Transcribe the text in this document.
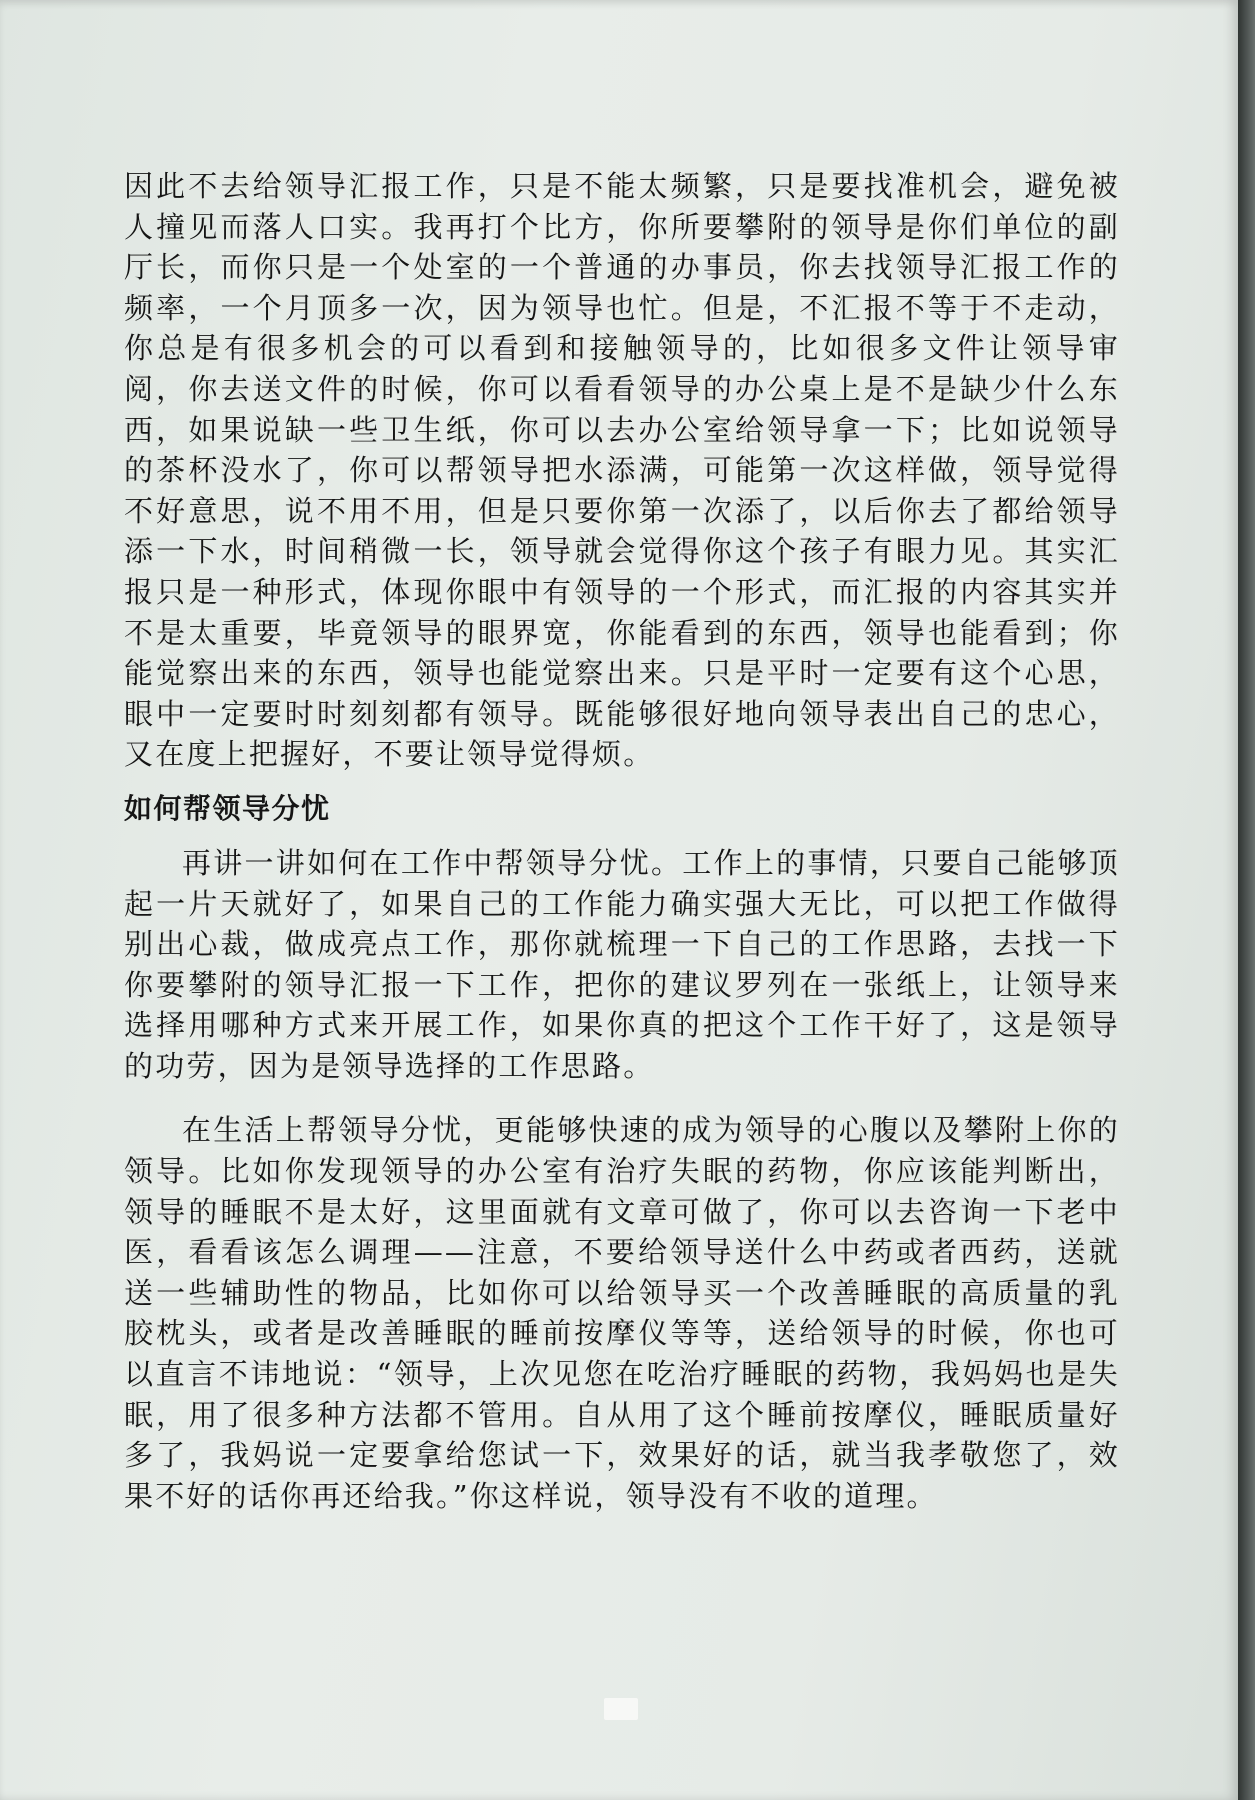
因此不去给领导汇报工作，只是不能太频繁，只是要找准机会，避免被人撞见而落人口实。我再打个比方，你所要攀附的领导是你们单位的副厅长，而你只是一个处室的一个普通的办事员，你去找领导汇报工作的频率，一个月顶多一次，因为领导也忙。但是，不汇报不等于不走动，你总是有很多机会的可以看到和接触领导的，比如很多文件让领导审阅，你去送文件的时候，你可以看看领导的办公桌上是不是缺少什么东西，如果说缺一些卫生纸，你可以去办公室给领导拿一下；比如说领导的茶杯没水了，你可以帮领导把水添满，可能第一次这样做，领导觉得不好意思，说不用不用，但是只要你第一次添了，以后你去了都给领导添一下水，时间稍微一长，领导就会觉得你这个孩子有眼力见。其实汇报只是一种形式，体现你眼中有领导的一个形式，而汇报的内容其实并不是太重要，毕竟领导的眼界宽，你能看到的东西，领导也能看到；你能觉察出来的东西，领导也能觉察出来。只是平时一定要有这个心思，眼中一定要时时刻刻都有领导。既能够很好地向领导表出自己的忠心，又在度上把握好，不要让领导觉得烦。

如何帮领导分忧

再讲一讲如何在工作中帮领导分忧。工作上的事情，只要自己能够顶起一片天就好了，如果自己的工作能力确实强大无比，可以把工作做得别出心裁，做成亮点工作，那你就梳理一下自己的工作思路，去找一下你要攀附的领导汇报一下工作，把你的建议罗列在一张纸上，让领导来选择用哪种方式来开展工作，如果你真的把这个工作干好了，这是领导的功劳，因为是领导选择的工作思路。

在生活上帮领导分忧，更能够快速的成为领导的心腹以及攀附上你的领导。比如你发现领导的办公室有治疗失眠的药物，你应该能判断出，领导的睡眠不是太好，这里面就有文章可做了，你可以去咨询一下老中医，看看该怎么调理——注意，不要给领导送什么中药或者西药，送就送一些辅助性的物品，比如你可以给领导买一个改善睡眠的高质量的乳胶枕头，或者是改善睡眠的睡前按摩仪等等，送给领导的时候，你也可以直言不讳地说：“领导，上次见您在吃治疗睡眠的药物，我妈妈也是失眠，用了很多种方法都不管用。自从用了这个睡前按摩仪，睡眠质量好多了，我妈说一定要拿给您试一下，效果好的话，就当我孝敬您了，效果不好的话你再还给我。”你这样说，领导没有不收的道理。
